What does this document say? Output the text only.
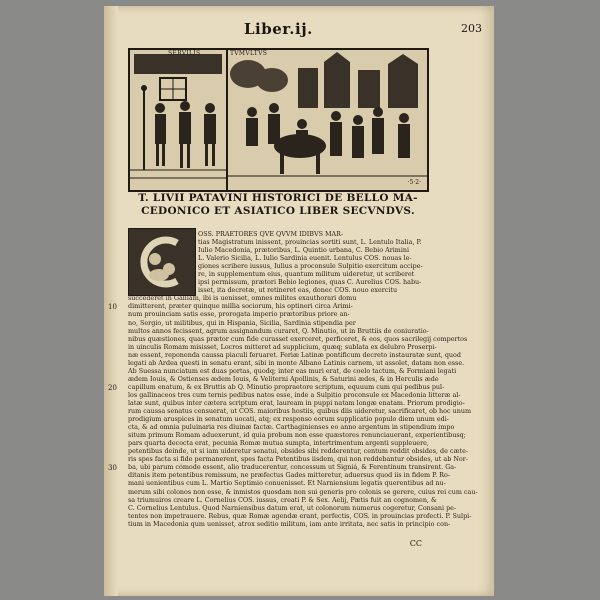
Liber.ij.	203
SERVILIS	TVMVLTVS
·5·2·
T. LIVII PATAVINI HISTORICI DE BELLO MA-
CEDONICO ET ASIATICO LIBER SECVNDVS.
OSS. PRAETORES QVE QVVM IDIBVS MAR-
tias Magistratum inissent, prouincias sortiti sunt, L. Lentulo Italia, P.
Iulio Macedonia, prætoribus, L. Quintio urbana, C. Bebio Arimini
L. Valerio Sicilia, L. Iulio Sardinia euenit. Lentulus COS. nouas le-
giones scribere iussus, Iulius a proconsule Sulpitio exercitum accipe-
re, in supplementum eius, quantum militum uideretur, ut scriberet
ipsi permissum, prætori Bebio legiones, quas C. Aurelius COS. habu-
isset, ita decretæ, ut retineret eas, donec COS. nouo exercitu
succederet in Galliam, ibi is uenisset, omnes milites exauthorari domu
dimitterent, præter quinque millia sociorum, his optineri circa Arimi-
num prouinciam satis esse, prorogata imperio prætoribus priore an-
no, Sergio, ut militibus, qui in Hispania, Sicilia, Sardinia stipendia per
multos annos fecissent, agrum assignandum curaret, Q. Minutio, ut in Bruttiis de coniuratio-
nibus quæstiones, quas prætor cum fide curasset exerceret, perficeret, & eos, quos sacrilegij compertos
in uinculis Romam misisset, Locros mitteret ad supplicium, quæq; sublata ex delubro Proserpi-
næ essent, reponenda caussa piaculi feruaret. Feriæ Latinæ pontificum decreto instauratæ sunt, quod
legati ab Ardea questi in senatu erant, sibi in monte Albano Latinis carnem, ut assolet, datam non esse.
Ab Suessa nunciatum est duas portas, quodq; inter eas muri erat, de coelo tactum, & Formiani legati
ædem Iouis, & Ostienses ædem Iouis, & Veliterni Apollinis, & Saturini ædes, & in Herculis æde
capillum enatum, & ex Bruttis ab Q. Minutio propraetore scriptum, equuum cum qui pedibus pul-
los gallinaceos tres cum ternis pedibus natos esse, inde a Sulpitio proconsule ex Macedonia litteræ al-
latæ sunt, quibus inter cætera scriptum erat, lauream in puppi natam longæ enatam. Priorum prodigio-
rum caussa senatus censuerat, ut COS. maioribus hostiis, quibus diis uideretur, sacrificaret, ob hoc unum
prodigium aruspices in senatum uocati, atq; ex responso eorum supplicatio populo diem unum edi-
cta, & ad omnia puluinaria res diuinæ factæ. Carthaginienses eo anno argentum in stipendium impo
situm primum Romam aduexerunt, id quia probum non esse quæstores renunciauerant, experientibusq;
pars quarta decocta erat, pecunia Romæ mutua sumpta, intertrimentum argenti suppleuere,
petentibus deinde, ut si iam uideretur senatui, obsides sibi redderentur, centum reddit obsides, de cæte-
ris spes facta si fide permanerent, spes facta Petentibus iisdem, qui non reddebantur obsides, ut ab Nor-
ba, ubi parum cómode essent, alio traducerentur, concessum ut Signiá, & Ferentinum transirent. Ga-
ditanis item petentibus remissum, ne præfectus Gades mitteretur, aduersus quod iis in fidem P. Ro-
mani uenientibus cum L. Martio Septimio conuenisset. Et Narniensium legatis querentibus ad nu-
merum sibi colonos non esse, & inmistos quosdam non sui generis pro colonis se gerere, cuius rei cum cau-
sa triumuiros creare L. Cornelius COS. iussus, creati P. & Sex. Aelij, Pætis fuit an cognomen, &
C. Cornelius Lentulus. Quod Narniensibus datum erat, ut colonorum numerus cogeretur, Consani pe-
tentes non impetrauere. Rebus, quæ Romæ agendæ erant, perfectis, COS. in prouincias profecti. P. Sulpi-
tium in Macedonia qum uenisset, atrox seditio militum, iam ante irritata, nec satis in principio con-
10
20
30
CC
